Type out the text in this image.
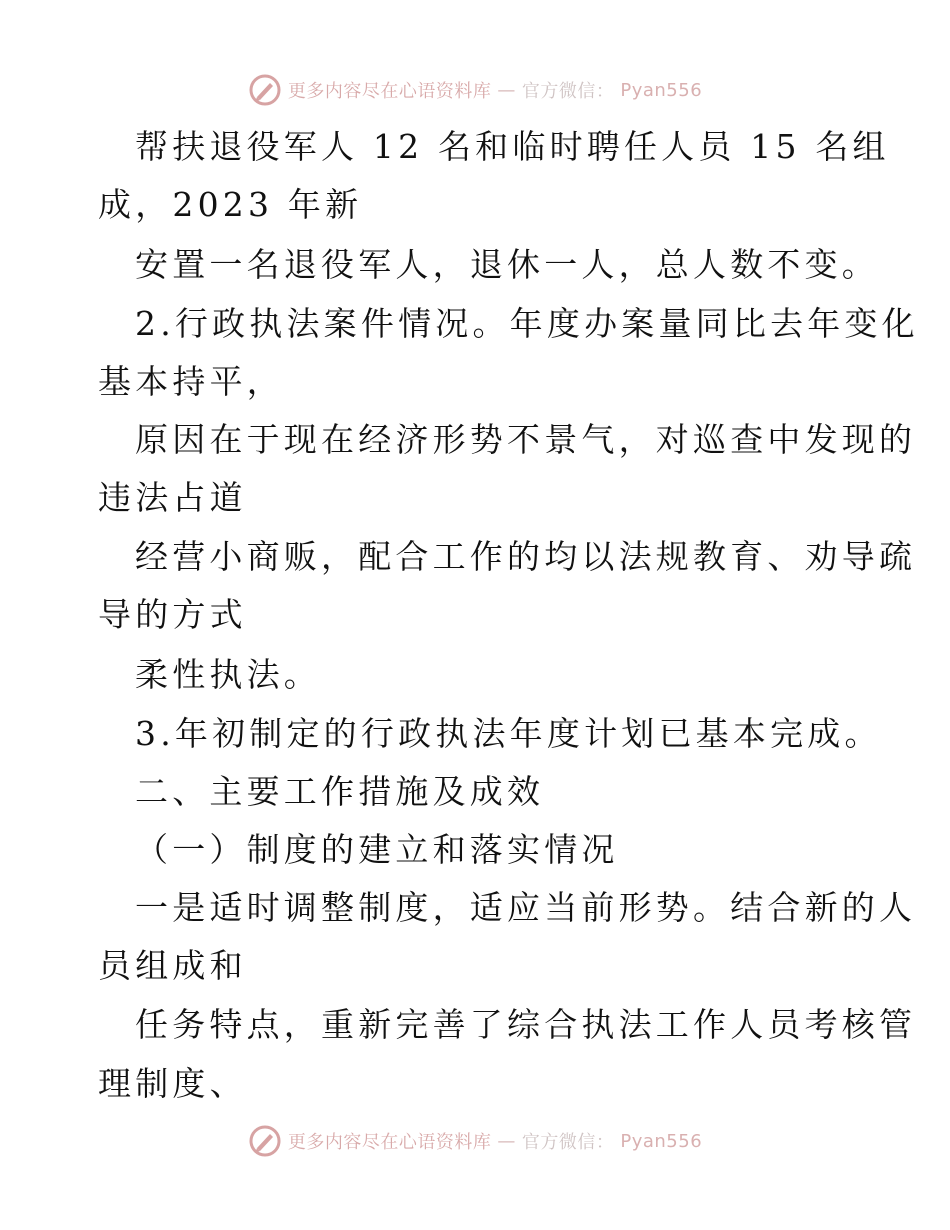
更多内容尽在心语资料库 — 官方微信： Pyan556
帮扶退役军人 12 名和临时聘任人员 15 名组
成，2023 年新
安置一名退役军人，退休一人，总人数不变。
2.行政执法案件情况。年度办案量同比去年变化
基本持平，
原因在于现在经济形势不景气，对巡查中发现的
违法占道
经营小商贩，配合工作的均以法规教育、劝导疏
导的方式
柔性执法。
3.年初制定的行政执法年度计划已基本完成。
二、主要工作措施及成效
（一）制度的建立和落实情况
一是适时调整制度，适应当前形势。结合新的人
员组成和
任务特点，重新完善了综合执法工作人员考核管
理制度、
更多内容尽在心语资料库 — 官方微信： Pyan556
